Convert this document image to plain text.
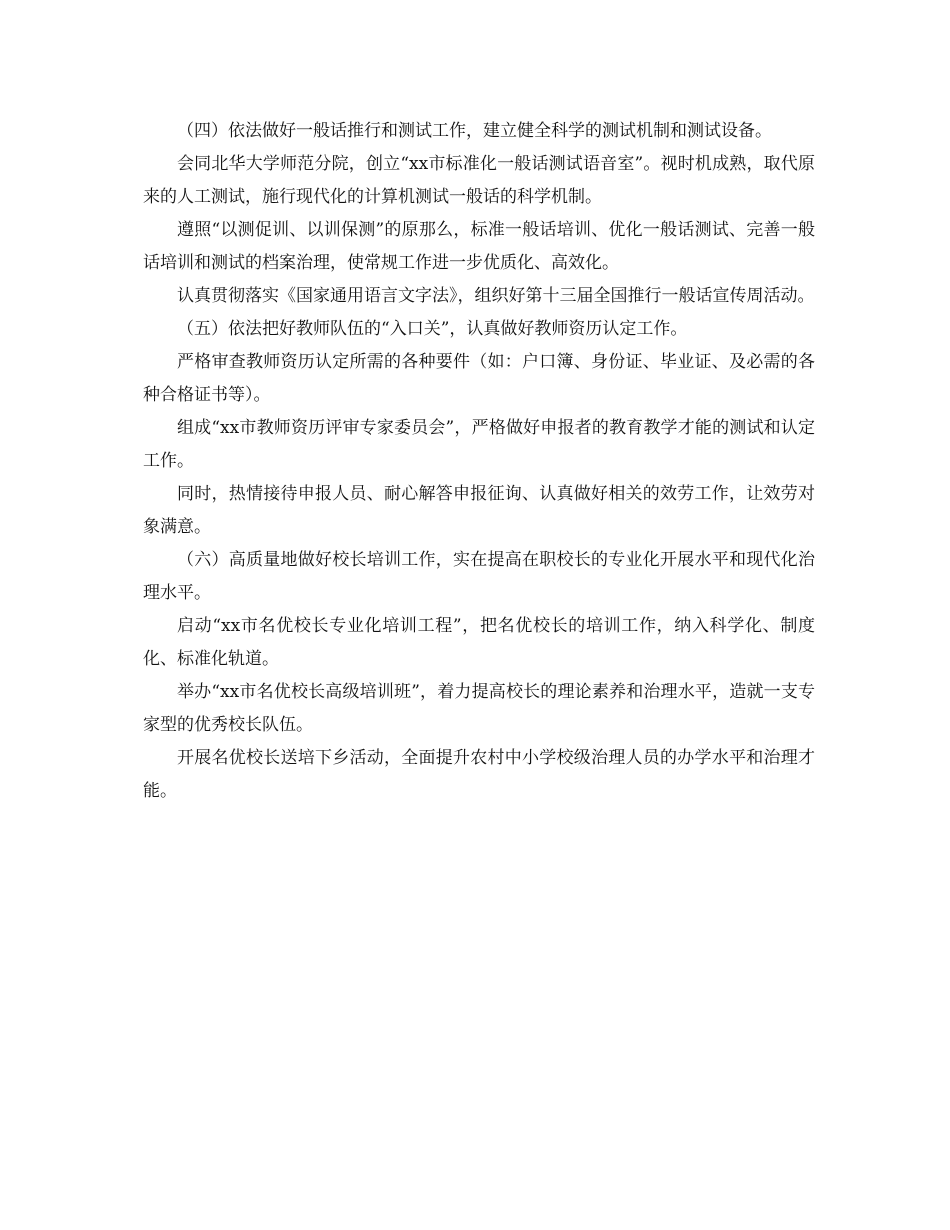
（四）依法做好一般话推行和测试工作，建立健全科学的测试机制和测试设备。

会同北华大学师范分院，创立“xx市标准化一般话测试语音室”。视时机成熟，取代原来的人工测试，施行现代化的计算机测试一般话的科学机制。

遵照“以测促训、以训保测”的原那么，标准一般话培训、优化一般话测试、完善一般话培训和测试的档案治理，使常规工作进一步优质化、高效化。

认真贯彻落实《国家通用语言文字法》，组织好第十三届全国推行一般话宣传周活动。

（五）依法把好教师队伍的“入口关”，认真做好教师资历认定工作。

严格审查教师资历认定所需的各种要件（如：户口簿、身份证、毕业证、及必需的各种合格证书等）。

组成“xx市教师资历评审专家委员会”，严格做好申报者的教育教学才能的测试和认定工作。

同时，热情接待申报人员、耐心解答申报征询、认真做好相关的效劳工作，让效劳对象满意。

（六）高质量地做好校长培训工作，实在提高在职校长的专业化开展水平和现代化治理水平。

启动“xx市名优校长专业化培训工程”，把名优校长的培训工作，纳入科学化、制度化、标准化轨道。

举办“xx市名优校长高级培训班”，着力提高校长的理论素养和治理水平，造就一支专家型的优秀校长队伍。

开展名优校长送培下乡活动，全面提升农村中小学校级治理人员的办学水平和治理才能。
